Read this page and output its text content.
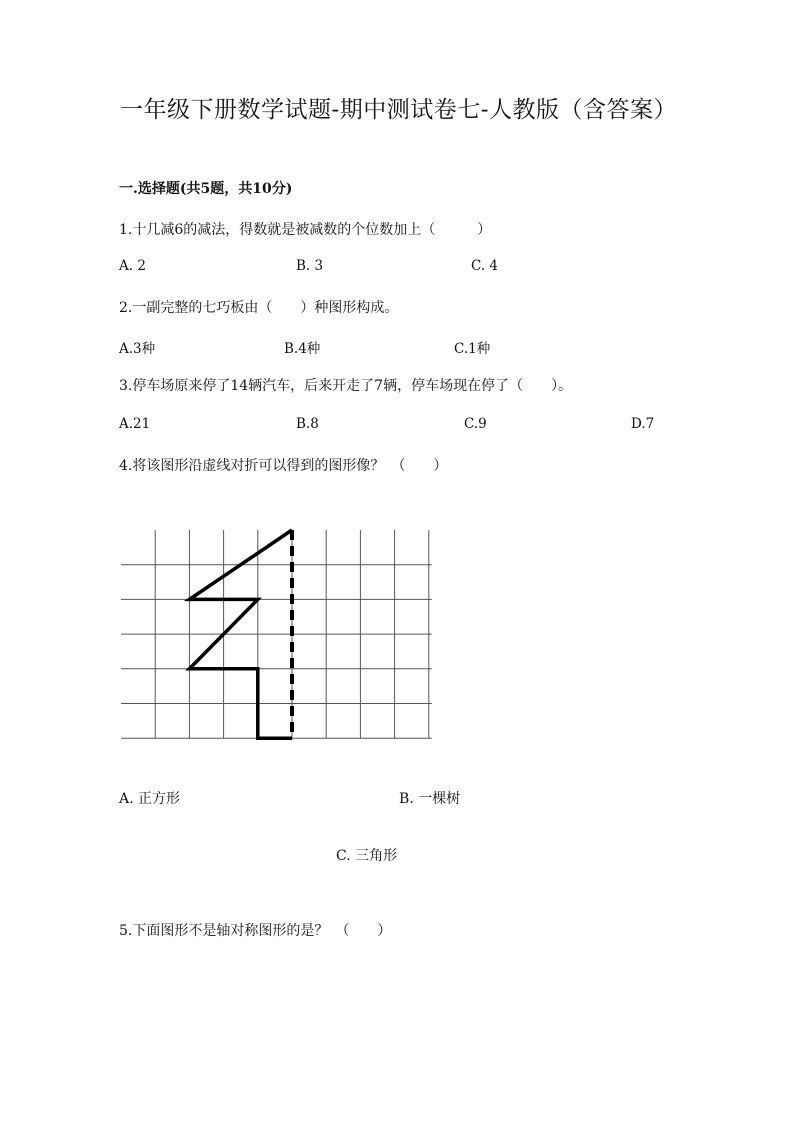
一年级下册数学试题-期中测试卷七-人教版（含答案）
一.选择题(共5题，共10分)
1.十几减6的减法，得数就是被减数的个位数加上（　　　）
A. 2	B. 3	C. 4
2.一副完整的七巧板由（　　）种图形构成。
A.3种	B.4种	C.1种
3.停车场原来停了14辆汽车，后来开走了7辆，停车场现在停了（　　）。
A.21	B.8	C.9	D.7
4.将该图形沿虚线对折可以得到的图形像？　（　　）
A. 正方形	B. 一棵树
C. 三角形
5.下面图形不是轴对称图形的是？　（　　）
